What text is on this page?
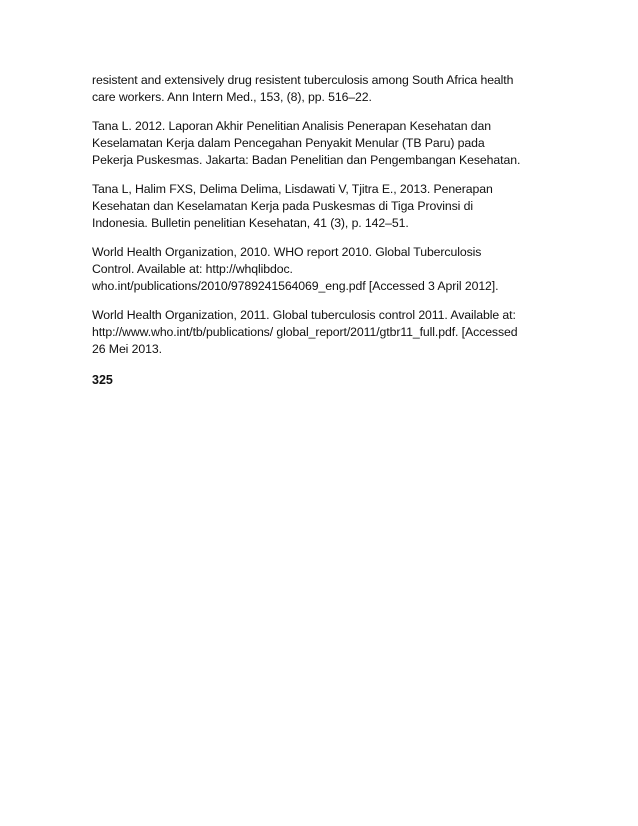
resistent and extensively drug resistent tuberculosis among South Africa health
care workers. Ann Intern Med., 153, (8), pp. 516–22.
Tana L. 2012. Laporan Akhir Penelitian Analisis Penerapan Kesehatan dan
Keselamatan Kerja dalam Pencegahan Penyakit Menular (TB Paru) pada
Pekerja Puskesmas. Jakarta: Badan Penelitian dan Pengembangan Kesehatan.
Tana L, Halim FXS, Delima Delima, Lisdawati V, Tjitra E., 2013. Penerapan
Kesehatan dan Keselamatan Kerja pada Puskesmas di Tiga Provinsi di
Indonesia. Bulletin penelitian Kesehatan, 41 (3), p. 142–51.
World Health Organization, 2010. WHO report 2010. Global Tuberculosis
Control. Available at: http://whqlibdoc.
who.int/publications/2010/9789241564069_eng.pdf [Accessed 3 April 2012].
World Health Organization, 2011. Global tuberculosis control 2011. Available at:
http://www.who.int/tb/publications/ global_report/2011/gtbr11_full.pdf. [Accessed
26 Mei 2013.
325
